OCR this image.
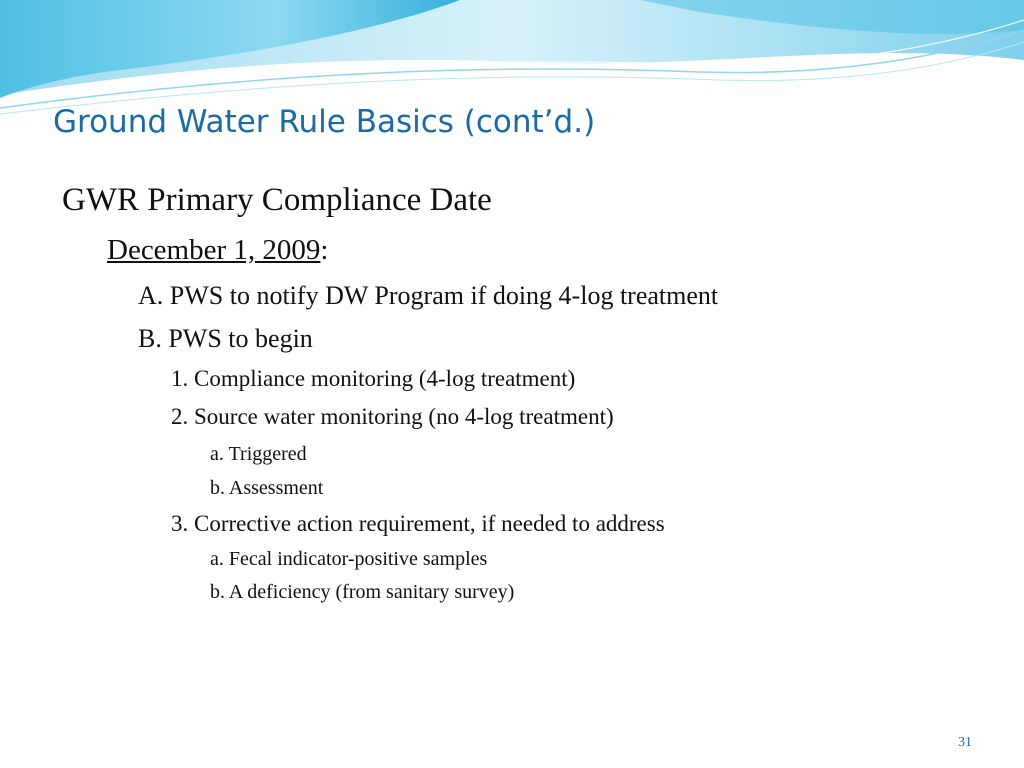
Ground Water Rule Basics (cont’d.)

GWR Primary Compliance Date

December 1, 2009:

A. PWS to notify DW Program if doing 4-log treatment

B. PWS to begin

1. Compliance monitoring (4-log treatment)

2. Source water monitoring (no 4-log treatment)

a. Triggered

b. Assessment

3. Corrective action requirement, if needed to address

a. Fecal indicator-positive samples

b. A deficiency (from sanitary survey)

31
